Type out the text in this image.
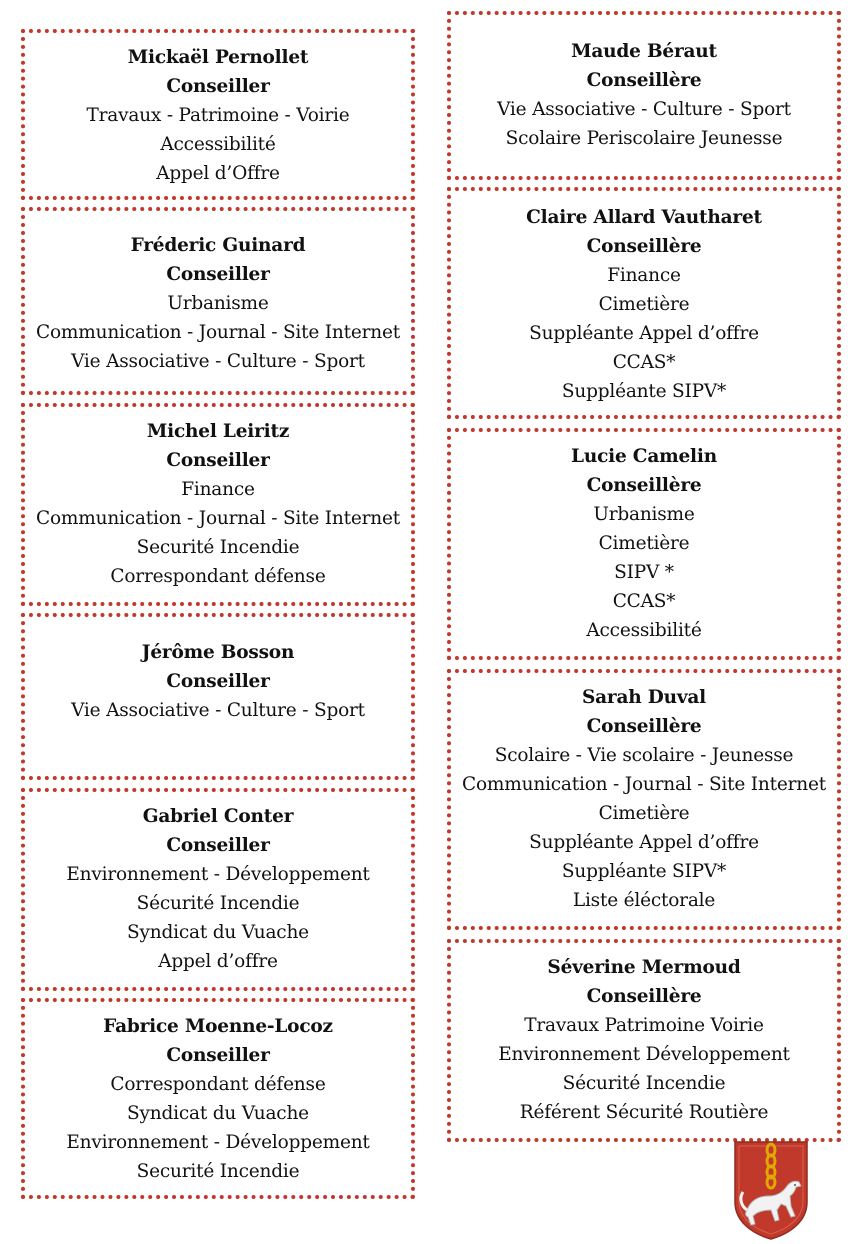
Mickaël Pernollet
Conseiller
Travaux - Patrimoine - Voirie
Accessibilité
Appel d’Offre
Fréderic Guinard
Conseiller
Urbanisme
Communication - Journal - Site Internet
Vie Associative - Culture - Sport
Michel Leiritz
Conseiller
Finance
Communication - Journal - Site Internet
Securité Incendie
Correspondant défense
Jérôme Bosson
Conseiller
Vie Associative - Culture - Sport
Gabriel Conter
Conseiller
Environnement - Développement
Sécurité Incendie
Syndicat du Vuache
Appel d’offre
Fabrice Moenne-Locoz
Conseiller
Correspondant défense
Syndicat du Vuache
Environnement - Développement
Securité Incendie
Maude Béraut
Conseillère
Vie Associative - Culture - Sport
Scolaire Periscolaire Jeunesse
Claire Allard Vautharet
Conseillère
Finance
Cimetière
Suppléante Appel d’offre
CCAS*
Suppléante SIPV*
Lucie Camelin
Conseillère
Urbanisme
Cimetière
SIPV *
CCAS*
Accessibilité
Sarah Duval
Conseillère
Scolaire - Vie scolaire - Jeunesse
Communication - Journal - Site Internet
Cimetière
Suppléante Appel d’offre
Suppléante SIPV*
Liste éléctorale
Séverine Mermoud
Conseillère
Travaux Patrimoine Voirie
Environnement Développement
Sécurité Incendie
Référent Sécurité Routière
